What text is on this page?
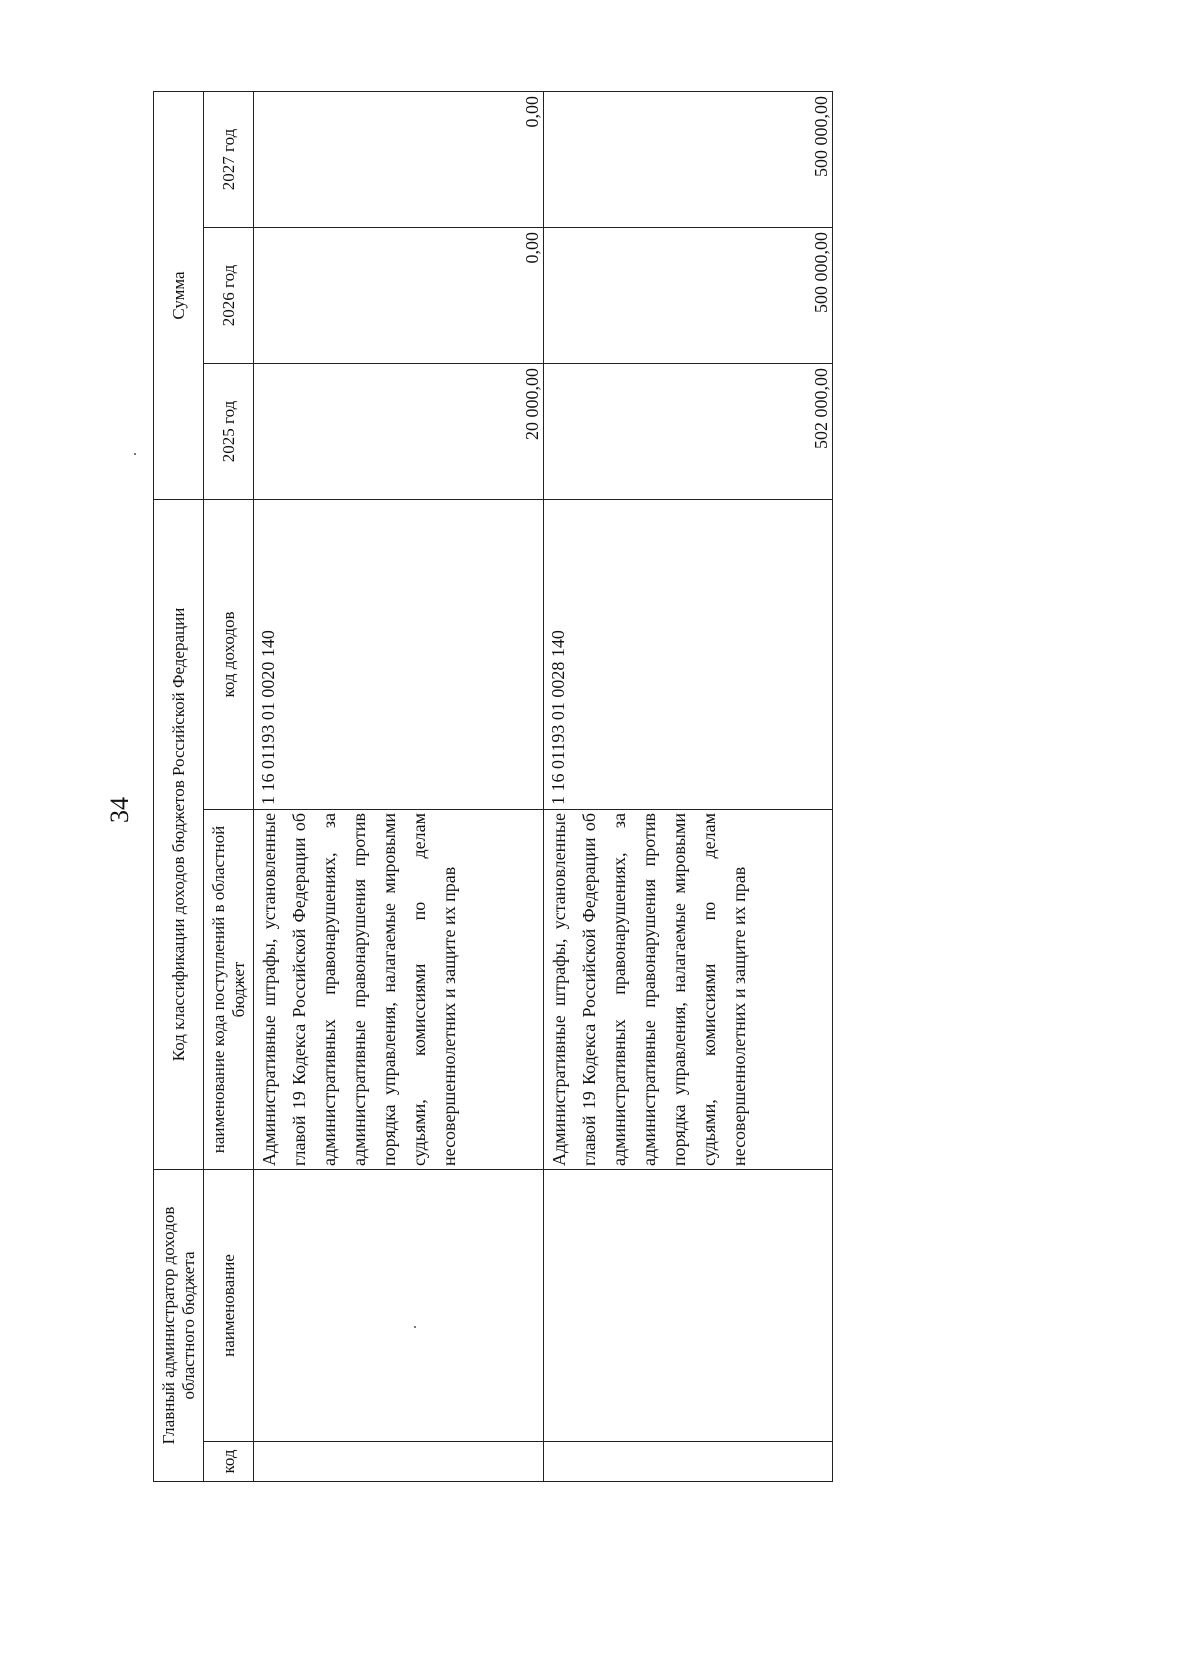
34
Главный администратор доходов областного бюджета		Код классификации доходов бюджетов Российской Федерации		Сумма		
код	наименование	наименование кода поступлений в областной бюджет	код доходов	2025 год	2026 год	2027 год
		Административные штрафы, установленные главой 19 Кодекса Российской Федерации об административных правонарушениях, за административные правонарушения против порядка управления, налагаемые мировыми судьями, комиссиями по делам несовершеннолетних и защите их прав	1 16 01193 01 0020 140	20 000,00	0,00	0,00
		Административные штрафы, установленные главой 19 Кодекса Российской Федерации об административных правонарушениях, за административные правонарушения против порядка управления, налагаемые мировыми судьями, комиссиями по делам несовершеннолетних и защите их прав	1 16 01193 01 0028 140	502 000,00	500 000,00	500 000,00
